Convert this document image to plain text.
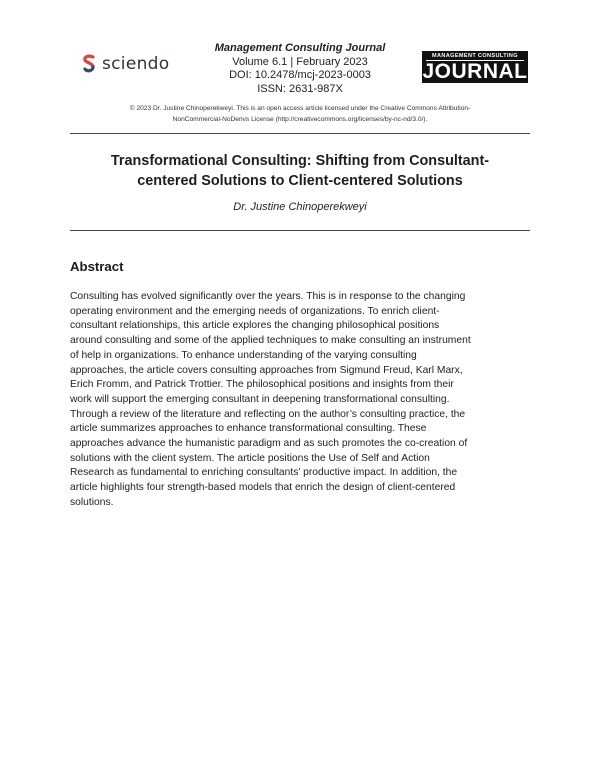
sciendo
Management Consulting Journal
Volume 6.1 | February 2023
DOI: 10.2478/mcj-2023-0003
ISSN: 2631-987X
MANAGEMENT CONSULTING
JOURNAL
© 2023 Dr. Justine Chinoperekweyi. This is an open access article licensed under the Creative Commons Attribution-
NonCommercial-NoDerivs License (http://creativecommons.org/licenses/by-nc-nd/3.0/).
Transformational Consulting: Shifting from Consultant-
centered Solutions to Client-centered Solutions
Dr. Justine Chinoperekweyi
Abstract
Consulting has evolved significantly over the years. This is in response to the changing
operating environment and the emerging needs of organizations. To enrich client-
consultant relationships, this article explores the changing philosophical positions
around consulting and some of the applied techniques to make consulting an instrument
of help in organizations. To enhance understanding of the varying consulting
approaches, the article covers consulting approaches from Sigmund Freud, Karl Marx,
Erich Fromm, and Patrick Trottier. The philosophical positions and insights from their
work will support the emerging consultant in deepening transformational consulting.
Through a review of the literature and reflecting on the author’s consulting practice, the
article summarizes approaches to enhance transformational consulting. These
approaches advance the humanistic paradigm and as such promotes the co-creation of
solutions with the client system. The article positions the Use of Self and Action
Research as fundamental to enriching consultants’ productive impact. In addition, the
article highlights four strength-based models that enrich the design of client-centered
solutions.
